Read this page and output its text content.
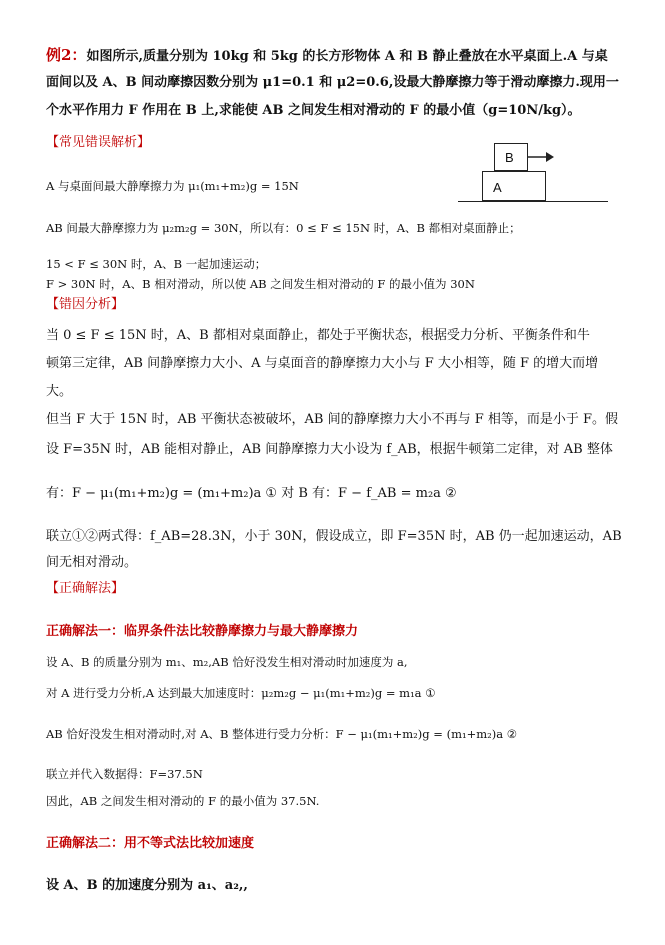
例2：如图所示,质量分别为 10kg 和 5kg 的长方形物体 A 和 B 静止叠放在水平桌面上.A 与桌
面间以及 A、B 间动摩擦因数分别为 μ1=0.1 和 μ2=0.6,设最大静摩擦力等于滑动摩擦力.现用一
个水平作用力 F 作用在 B 上,求能使 AB 之间发生相对滑动的 F 的最小值（g=10N/kg）。
B
A
【常见错误解析】
A 与桌面间最大静摩擦力为 μ₁(m₁+m₂)g = 15N
AB 间最大静摩擦力为 μ₂m₂g = 30N，所以有：0 ≤ F ≤ 15N 时，A、B 都相对桌面静止；
15 < F ≤ 30N 时，A、B 一起加速运动；
F > 30N 时，A、B 相对滑动，所以使 AB 之间发生相对滑动的 F 的最小值为 30N
【错因分析】
当 0 ≤ F ≤ 15N 时，A、B 都相对桌面静止，都处于平衡状态，根据受力分析、平衡条件和牛
顿第三定律，AB 间静摩擦力大小、A 与桌面音的静摩擦力大小与 F 大小相等，随 F 的增大而增
大。
但当 F 大于 15N 时，AB 平衡状态被破坏，AB 间的静摩擦力大小不再与 F 相等，而是小于 F。假
设 F=35N 时，AB 能相对静止，AB 间静摩擦力大小设为 f_AB，根据牛顿第二定律，对 AB 整体
有：F − μ₁(m₁+m₂)g = (m₁+m₂)a ① 对 B 有：F − f_AB = m₂a ②
联立①②两式得：f_AB=28.3N，小于 30N，假设成立，即 F=35N 时，AB 仍一起加速运动，AB
间无相对滑动。
【正确解法】
正确解法一：临界条件法比较静摩擦力与最大静摩擦力
设 A、B 的质量分别为 m₁、m₂,AB 恰好没发生相对滑动时加速度为 a,
对 A 进行受力分析,A 达到最大加速度时：μ₂m₂g − μ₁(m₁+m₂)g = m₁a ①
AB 恰好没发生相对滑动时,对 A、B 整体进行受力分析：F − μ₁(m₁+m₂)g = (m₁+m₂)a ②
联立并代入数据得：F=37.5N
因此，AB 之间发生相对滑动的 F 的最小值为 37.5N.
正确解法二：用不等式法比较加速度
设 A、B 的加速度分别为 a₁、a₂,,
